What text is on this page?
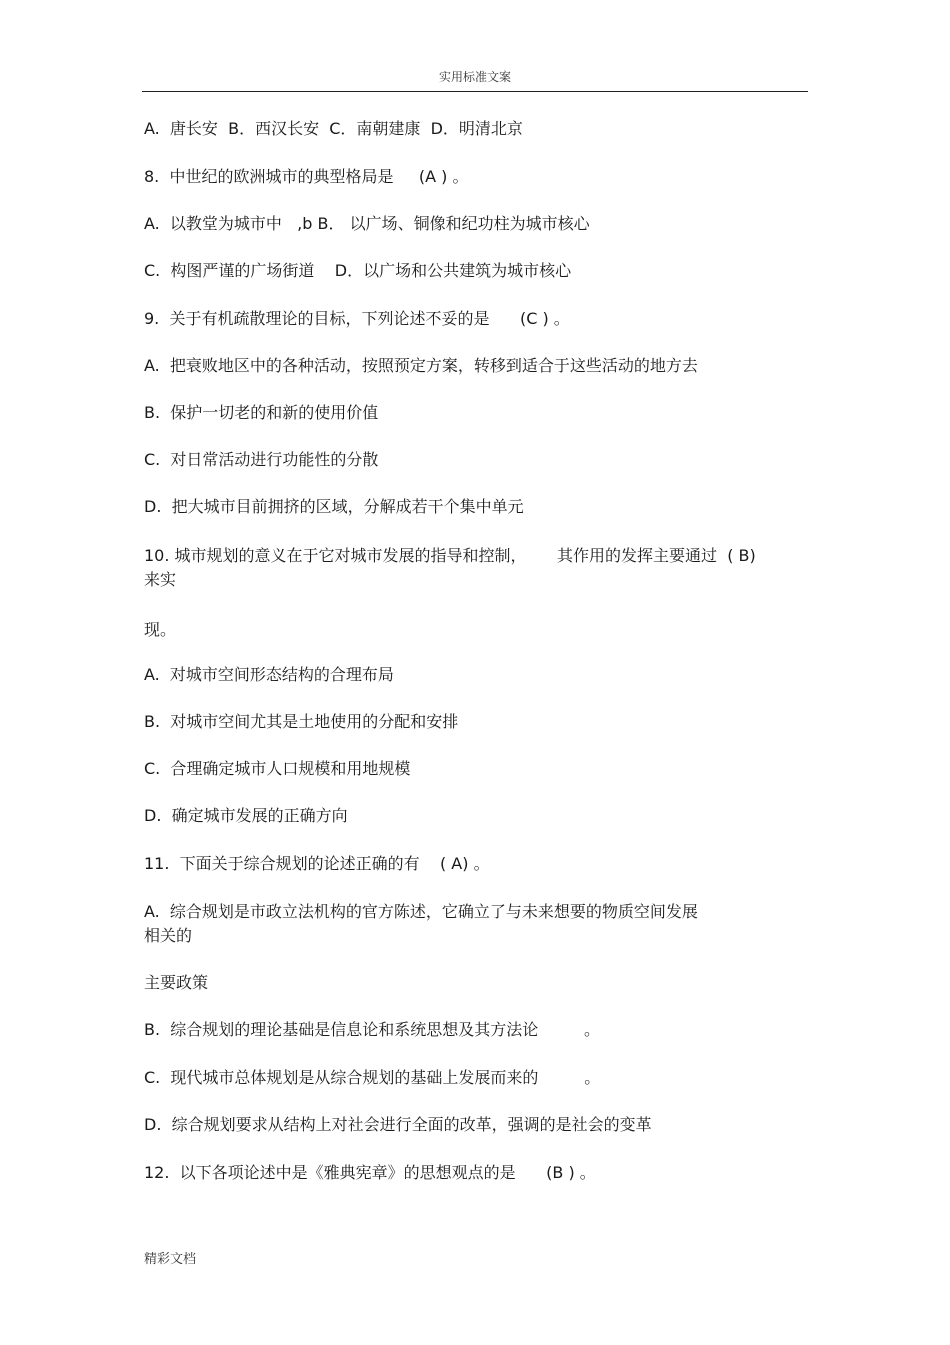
实用标准文案
A.  唐长安  B．西汉长安  C．南朝建康  D．明清北京
8.  中世纪的欧洲城市的典型格局是     (A ) 。
A.  以教堂为城市中   ,b B． 以广场、铜像和纪功柱为城市核心
C.  构图严谨的广场街道    D．以广场和公共建筑为城市核心
9.  关于有机疏散理论的目标，下列论述不妥的是      (C ) 。
A.  把衰败地区中的各种活动，按照预定方案，转移到适合于这些活动的地方去
B.  保护一切老的和新的使用价值
C.  对日常活动进行功能性的分散
D.  把大城市目前拥挤的区域，分解成若干个集中单元
10. 城市规划的意义在于它对城市发展的指导和控制，      其作用的发挥主要通过  ( B)
来实
现。
A.  对城市空间形态结构的合理布局
B.  对城市空间尤其是土地使用的分配和安排
C.  合理确定城市人口规模和用地规模
D.  确定城市发展的正确方向
11.  下面关于综合规划的论述正确的有    ( A) 。
A.  综合规划是市政立法机构的官方陈述，它确立了与未来想要的物质空间发展
相关的
主要政策
B.  综合规划的理论基础是信息论和系统思想及其方法论         。
C.  现代城市总体规划是从综合规划的基础上发展而来的         。
D.  综合规划要求从结构上对社会进行全面的改革，强调的是社会的变革
12.  以下各项论述中是《雅典宪章》的思想观点的是      (B ) 。
精彩文档
